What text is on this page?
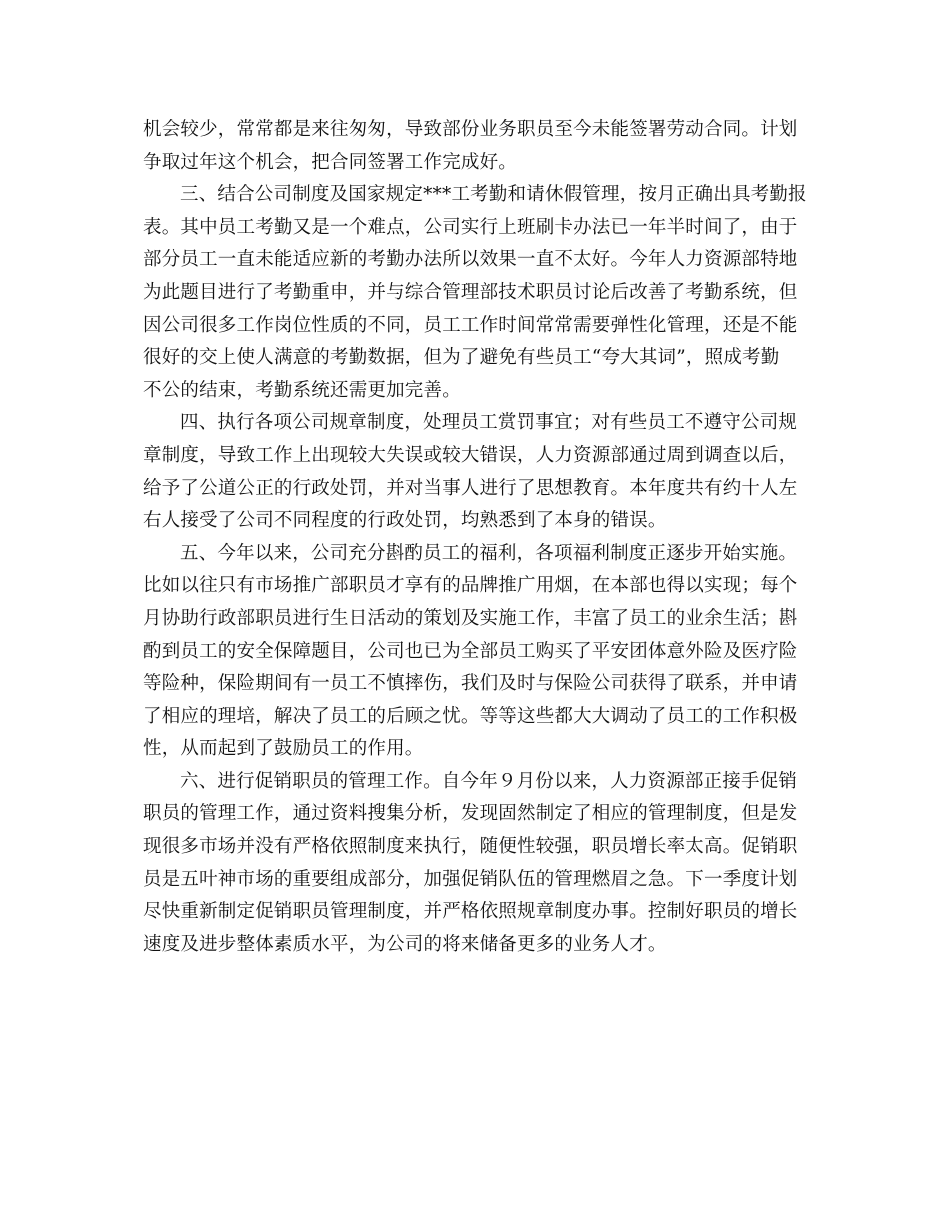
机会较少，常常都是来往匆匆，导致部份业务职员至今未能签署劳动合同。计划
争取过年这个机会，把合同签署工作完成好。

三、结合公司制度及国家规定***工考勤和请休假管理，按月正确出具考勤报
表。其中员工考勤又是一个难点，公司实行上班刷卡办法已一年半时间了，由于
部分员工一直未能适应新的考勤办法所以效果一直不太好。今年人力资源部特地
为此题目进行了考勤重申，并与综合管理部技术职员讨论后改善了考勤系统，但
因公司很多工作岗位性质的不同，员工工作时间常常需要弹性化管理，还是不能
很好的交上使人满意的考勤数据，但为了避免有些员工“夸大其词”，照成考勤
不公的结束，考勤系统还需更加完善。

四、执行各项公司规章制度，处理员工赏罚事宜；对有些员工不遵守公司规
章制度，导致工作上出现较大失误或较大错误，人力资源部通过周到调查以后，
给予了公道公正的行政处罚，并对当事人进行了思想教育。本年度共有约十人左
右人接受了公司不同程度的行政处罚，均熟悉到了本身的错误。

五、今年以来，公司充分斟酌员工的福利，各项福利制度正逐步开始实施。
比如以往只有市场推广部职员才享有的品牌推广用烟，在本部也得以实现；每个
月协助行政部职员进行生日活动的策划及实施工作，丰富了员工的业余生活；斟
酌到员工的安全保障题目，公司也已为全部员工购买了平安团体意外险及医疗险
等险种，保险期间有一员工不慎摔伤，我们及时与保险公司获得了联系，并申请
了相应的理培，解决了员工的后顾之忧。等等这些都大大调动了员工的工作积极
性，从而起到了鼓励员工的作用。

六、进行促销职员的管理工作。自今年９月份以来，人力资源部正接手促销
职员的管理工作，通过资料搜集分析，发现固然制定了相应的管理制度，但是发
现很多市场并没有严格依照制度来执行，随便性较强，职员增长率太高。促销职
员是五叶神市场的重要组成部分，加强促销队伍的管理燃眉之急。下一季度计划
尽快重新制定促销职员管理制度，并严格依照规章制度办事。控制好职员的增长
速度及进步整体素质水平，为公司的将来储备更多的业务人才。
